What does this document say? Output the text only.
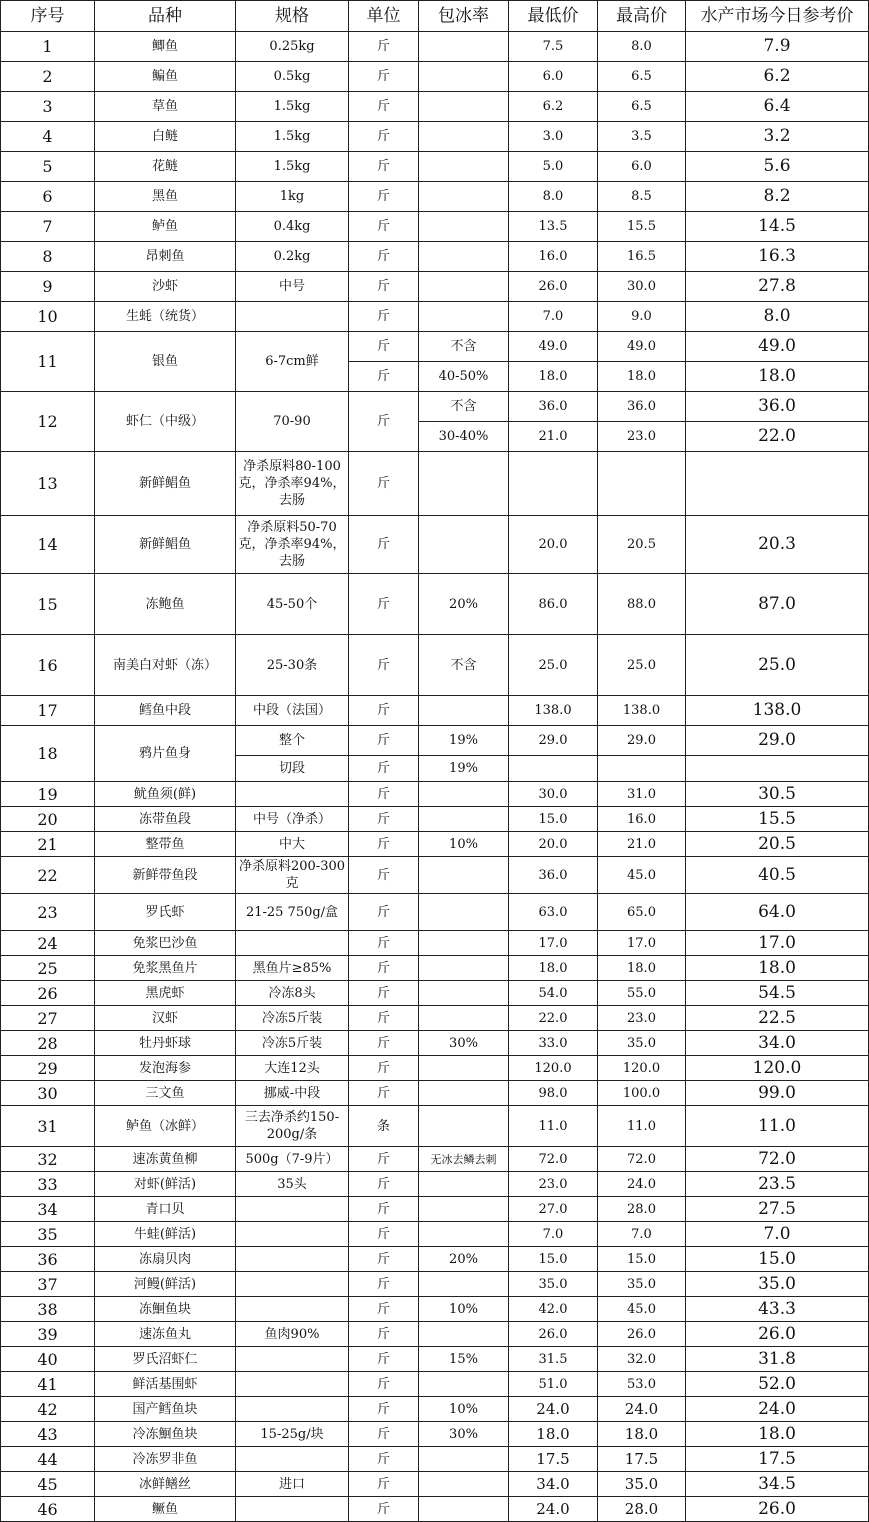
序号	品种	规格	单位	包冰率	最低价	最高价	水产市场今日参考价
1	鲫鱼	0.25kg	斤		7.5	8.0	7.9
2	鳊鱼	0.5kg	斤		6.0	6.5	6.2
3	草鱼	1.5kg	斤		6.2	6.5	6.4
4	白鲢	1.5kg	斤		3.0	3.5	3.2
5	花鲢	1.5kg	斤		5.0	6.0	5.6
6	黑鱼	1kg	斤		8.0	8.5	8.2
7	鲈鱼	0.4kg	斤		13.5	15.5	14.5
8	昂刺鱼	0.2kg	斤		16.0	16.5	16.3
9	沙虾	中号	斤		26.0	30.0	27.8
10	生蚝（统货）		斤		7.0	9.0	8.0
11	银鱼	6-7cm鲜	斤	不含	49.0	49.0	49.0
			斤	40-50%	18.0	18.0	18.0
12	虾仁（中级）	70-90	斤	不含	36.0	36.0	36.0
				30-40%	21.0	23.0	22.0
13	新鲜鲳鱼	净杀原料80-100克，净杀率94%，去肠	斤				
14	新鲜鲳鱼	净杀原料50-70克，净杀率94%，去肠	斤		20.0	20.5	20.3
15	冻鲍鱼	45-50个	斤	20%	86.0	88.0	87.0
16	南美白对虾（冻）	25-30条	斤	不含	25.0	25.0	25.0
17	鳕鱼中段	中段（法国）	斤		138.0	138.0	138.0
18	鸦片鱼身	整个	斤	19%	29.0	29.0	29.0
		切段	斤	19%			
19	鱿鱼须(鲜)		斤		30.0	31.0	30.5
20	冻带鱼段	中号（净杀）	斤		15.0	16.0	15.5
21	整带鱼	中大	斤	10%	20.0	21.0	20.5
22	新鲜带鱼段	净杀原料200-300克	斤		36.0	45.0	40.5
23	罗氏虾	21-25 750g/盒	斤		63.0	65.0	64.0
24	免浆巴沙鱼		斤		17.0	17.0	17.0
25	免浆黑鱼片	黑鱼片≥85%	斤		18.0	18.0	18.0
26	黑虎虾	冷冻8头	斤		54.0	55.0	54.5
27	汉虾	冷冻5斤装	斤		22.0	23.0	22.5
28	牡丹虾球	冷冻5斤装	斤	30%	33.0	35.0	34.0
29	发泡海参	大连12头	斤		120.0	120.0	120.0
30	三文鱼	挪威-中段	斤		98.0	100.0	99.0
31	鲈鱼（冰鲜）	三去净杀约150-200g/条	条		11.0	11.0	11.0
32	速冻黄鱼柳	500g（7-9片）	斤	无冰去鳞去刺	72.0	72.0	72.0
33	对虾(鲜活)	35头	斤		23.0	24.0	23.5
34	青口贝		斤		27.0	28.0	27.5
35	牛蛙(鲜活)		斤		7.0	7.0	7.0
36	冻扇贝肉		斤	20%	15.0	15.0	15.0
37	河鳗(鲜活)		斤		35.0	35.0	35.0
38	冻鮰鱼块		斤	10%	42.0	45.0	43.3
39	速冻鱼丸	鱼肉90%	斤		26.0	26.0	26.0
40	罗氏沼虾仁		斤	15%	31.5	32.0	31.8
41	鲜活基围虾		斤		51.0	53.0	52.0
42	国产鳕鱼块		斤	10%	24.0	24.0	24.0
43	冷冻鮰鱼块	15-25g/块	斤	30%	18.0	18.0	18.0
44	冷冻罗非鱼		斤		17.5	17.5	17.5
45	冰鲜鳝丝	进口	斤		34.0	35.0	34.5
46	鳜鱼		斤		24.0	28.0	26.0
